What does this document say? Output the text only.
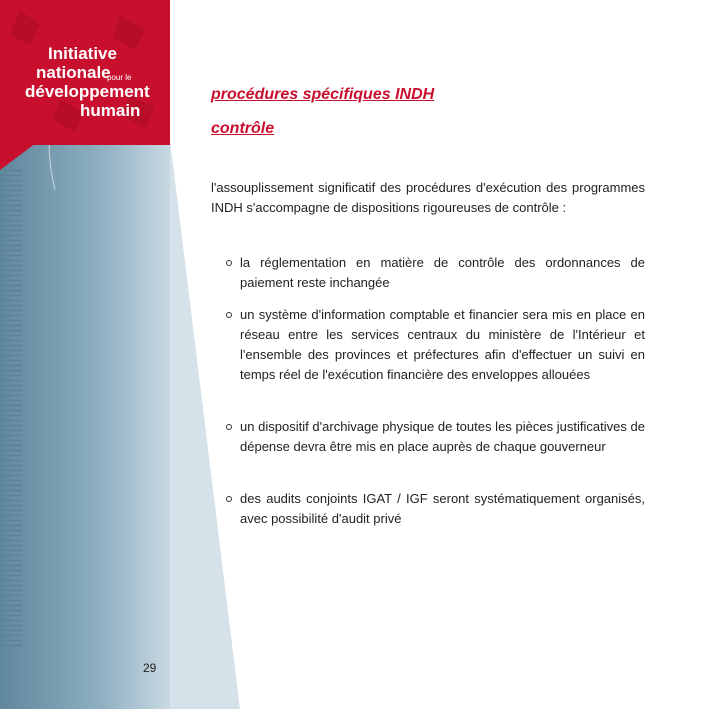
Initiative
nationale
pour le
développement
humain
procédures spécifiques INDH
contrôle
l'assouplissement significatif des procédures d'exécution des programmes INDH s'accompagne de dispositions rigoureuses de contrôle :
la réglementation en matière de contrôle des ordonnances de paiement reste inchangée
un système d'information comptable et financier sera mis en place en réseau entre les services centraux du ministère de l'Intérieur et l'ensemble des provinces et préfectures afin d'effectuer un suivi en temps réel de l'exécution financière des enveloppes allouées
un dispositif d'archivage physique de toutes les pièces justificatives de dépense devra être mis en place auprès de chaque gouverneur
des audits conjoints IGAT / IGF seront systématiquement organisés, avec possibilité d'audit privé
29
